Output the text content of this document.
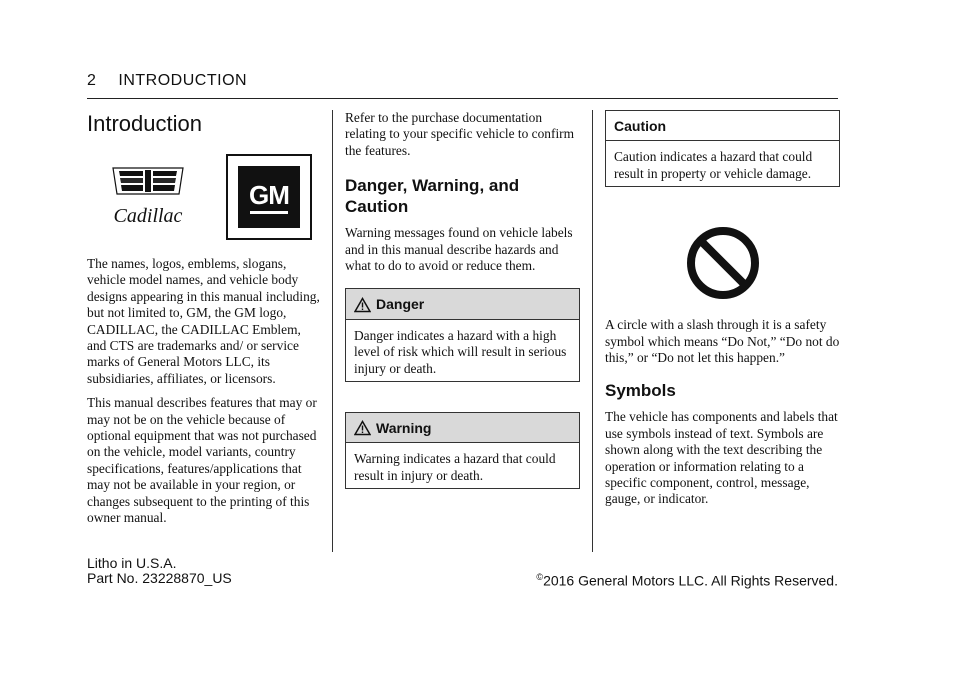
2 INTRODUCTION
Introduction
Cadillac
GM

The names, logos, emblems, slogans, vehicle model names, and vehicle body designs appearing in this manual including, but not limited to, GM, the GM logo, CADILLAC, the CADILLAC Emblem, and CTS are trademarks and/ or service marks of General Motors LLC, its subsidiaries, affiliates, or licensors.

This manual describes features that may or may not be on the vehicle because of optional equipment that was not purchased on the vehicle, model variants, country specifications, features/applications that may not be available in your region, or changes subsequent to the printing of this owner manual.

Refer to the purchase documentation relating to your specific vehicle to confirm the features.

Danger, Warning, and Caution

Warning messages found on vehicle labels and in this manual describe hazards and what to do to avoid or reduce them.

Danger
Danger indicates a hazard with a high level of risk which will result in serious injury or death.
Warning
Warning indicates a hazard that could result in injury or death.
Caution
Caution indicates a hazard that could result in property or vehicle damage.

A circle with a slash through it is a safety symbol which means “Do Not,” “Do not do this,” or “Do not let this happen.”

Symbols

The vehicle has components and labels that use symbols instead of text. Symbols are shown along with the text describing the operation or information relating to a specific component, control, message, gauge, or indicator.

Litho in U.S.A.
Part No. 23228870_US	©2016 General Motors LLC. All Rights Reserved.
